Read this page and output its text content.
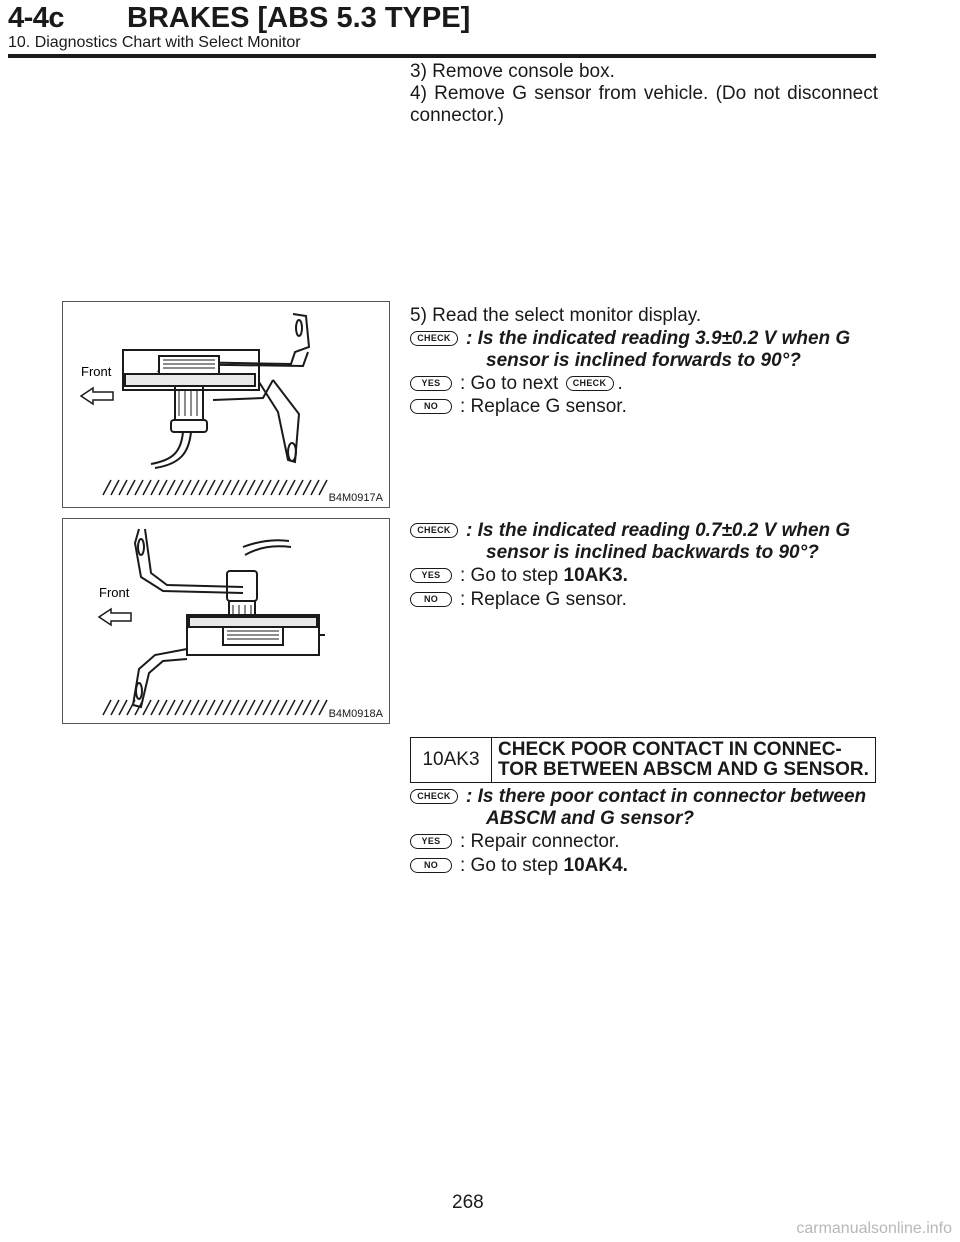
4-4c BRAKES [ABS 5.3 TYPE]
10. Diagnostics Chart with Select Monitor

3) Remove console box.

4) Remove G sensor from vehicle. (Do not disconnect connector.)

Front
B4M0917A
5) Read the select monitor display.
CHECK : Is the indicated reading 3.9±0.2 V when G
sensor is inclined forwards to 90°?
YES : Go to next CHECK .
NO : Replace G sensor.
Front
B4M0918A
CHECK : Is the indicated reading 0.7±0.2 V when G
sensor is inclined backwards to 90°?
YES : Go to step 10AK3.
NO : Replace G sensor.
10AK3 CHECK POOR CONTACT IN CONNEC-
TOR BETWEEN ABSCM AND G SENSOR.
CHECK : Is there poor contact in connector between
ABSCM and G sensor?
YES : Repair connector.
NO : Go to step 10AK4.
268
carmanualsonline.info
